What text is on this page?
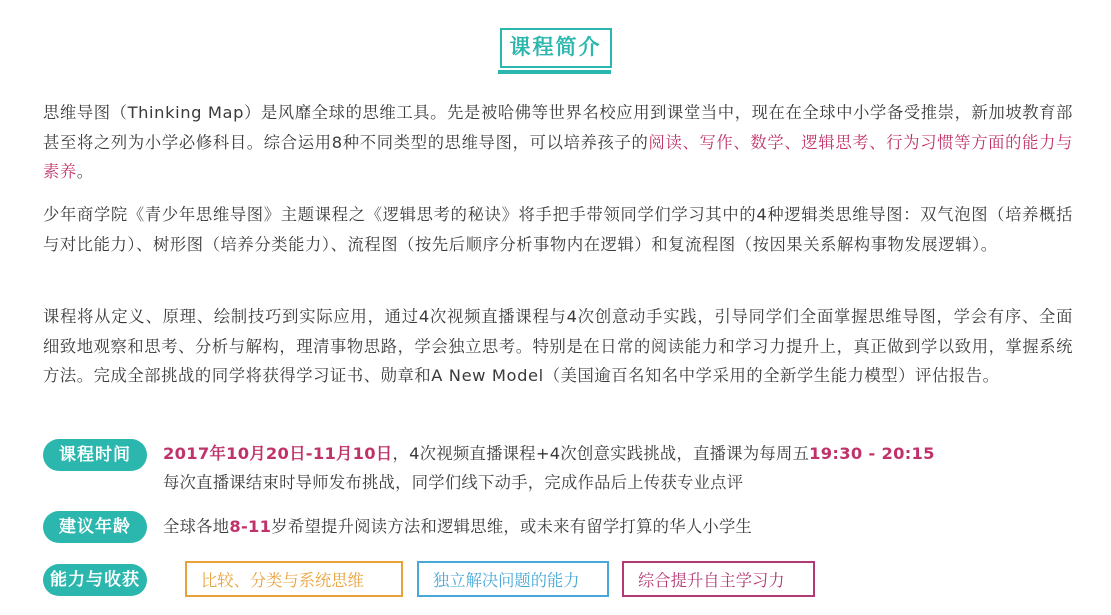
课程简介
思维导图（Thinking Map）是风靡全球的思维工具。先是被哈佛等世界名校应用到课堂当中，现在在全球中小学备受推崇，新加坡教育部甚至将之列为小学必修科目。综合运用8种不同类型的思维导图，可以培养孩子的阅读、写作、数学、逻辑思考、行为习惯等方面的能力与素养。
少年商学院《青少年思维导图》主题课程之《逻辑思考的秘诀》将手把手带领同学们学习其中的4种逻辑类思维导图：双气泡图（培养概括与对比能力）、树形图（培养分类能力）、流程图（按先后顺序分析事物内在逻辑）和复流程图（按因果关系解构事物发展逻辑）。
课程将从定义、原理、绘制技巧到实际应用，通过4次视频直播课程与4次创意动手实践，引导同学们全面掌握思维导图，学会有序、全面细致地观察和思考、分析与解构，理清事物思路，学会独立思考。特别是在日常的阅读能力和学习力提升上，真正做到学以致用，掌握系统方法。完成全部挑战的同学将获得学习证书、勋章和A New Model（美国逾百名知名中学采用的全新学生能力模型）评估报告。
课程时间	2017年10月20日-11月10日，4次视频直播课程+4次创意实践挑战，直播课为每周五19:30 - 20:15
每次直播课结束时导师发布挑战，同学们线下动手，完成作品后上传获专业点评
建议年龄	全球各地8-11岁希望提升阅读方法和逻辑思维，或未来有留学打算的华人小学生
能力与收获	比较、分类与系统思维	独立解决问题的能力	综合提升自主学习力
